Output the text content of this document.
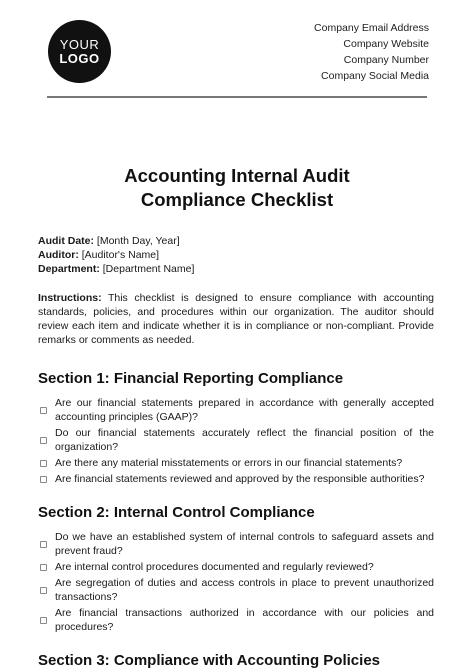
YOUR
LOGO
Company Email Address
Company Website
Company Number
Company Social Media
Accounting Internal Audit
Compliance Checklist
Audit Date: [Month Day, Year]
Auditor: [Auditor's Name]
Department: [Department Name]
Instructions: This checklist is designed to ensure compliance with accounting standards, policies, and procedures within our organization. The auditor should review each item and indicate whether it is in compliance or non-compliant. Provide remarks or comments as needed.
Section 1: Financial Reporting Compliance
Are our financial statements prepared in accordance with generally accepted accounting principles (GAAP)?
Do our financial statements accurately reflect the financial position of the organization?
Are there any material misstatements or errors in our financial statements?
Are financial statements reviewed and approved by the responsible authorities?
Section 2: Internal Control Compliance
Do we have an established system of internal controls to safeguard assets and prevent fraud?
Are internal control procedures documented and regularly reviewed?
Are segregation of duties and access controls in place to prevent unauthorized transactions?
Are financial transactions authorized in accordance with our policies and procedures?
Section 3: Compliance with Accounting Policies
